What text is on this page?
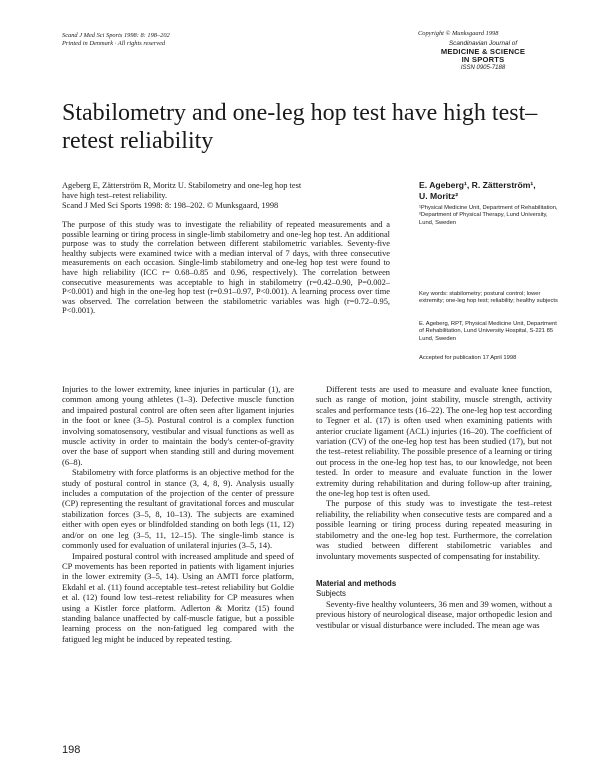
Scand J Med Sci Sports 1998: 8: 198–202
Printed in Denmark · All rights reserved
Copyright © Munksgaard 1998
Scandinavian Journal of
MEDICINE & SCIENCE
IN SPORTS
ISSN 0905-7188
Stabilometry and one-leg hop test have high test–retest reliability
Ageberg E, Zätterström R, Moritz U. Stabilometry and one-leg hop test
have high test–retest reliability.
Scand J Med Sci Sports 1998: 8: 198–202. © Munksgaard, 1998
The purpose of this study was to investigate the reliability of repeated measurements and a possible learning or tiring process in single-limb stabilometry and one-leg hop test. An additional purpose was to study the correlation between different stabilometric variables. Seventy-five healthy subjects were examined twice with a median interval of 7 days, with three consecutive measurements on each occasion. Single-limb stabilometry and one-leg hop test were found to have high reliability (ICC r= 0.68–0.85 and 0.96, respectively). The correlation between consecutive measurements was acceptable to high in stabilometry (r=0.42–0.90, P=0.002–P<0.001) and high in the one-leg hop test (r=0.91–0.97, P<0.001). A learning process over time was observed. The correlation between the stabilometric variables was high (r=0.72–0.95, P<0.001).
E. Ageberg¹, R. Zätterström¹,
U. Moritz²
¹Physical Medicine Unit, Department of Rehabilitation, ²Department of Physical Therapy, Lund University, Lund, Sweden
Key words: stabilometry; postural control; lower extremity; one-leg hop test; reliability; healthy subjects
E. Ageberg, RPT, Physical Medicine Unit, Department of Rehabilitation, Lund University Hospital, S-221 85 Lund, Sweden
Accepted for publication 17 April 1998

Injuries to the lower extremity, knee injuries in particular (1), are common among young athletes (1–3). Defective muscle function and impaired postural control are often seen after ligament injuries in the foot or knee (3–5). Postural control is a complex function involving somatosensory, vestibular and visual functions as well as muscle activity in order to maintain the body's center-of-gravity over the base of support when standing still and during movement (6–8).

Stabilometry with force platforms is an objective method for the study of postural control in stance (3, 4, 8, 9). Analysis usually includes a computation of the projection of the center of pressure (CP) representing the resultant of gravitational forces and muscular stabilization forces (3–5, 8, 10–13). The subjects are examined either with open eyes or blindfolded standing on both legs (11, 12) and/or on one leg (3–5, 11, 12–15). The single-limb stance is commonly used for evaluation of unilateral injuries (3–5, 14).

Impaired postural control with increased amplitude and speed of CP movements has been reported in patients with ligament injuries in the lower extremity (3–5, 14). Using an AMTI force platform, Ekdahl et al. (11) found acceptable test–retest reliability but Goldie et al. (12) found low test–retest reliability for CP measures when using a Kistler force platform. Adlerton & Moritz (15) found standing balance unaffected by calf-muscle fatigue, but a possible learning process on the non-fatigued leg compared with the fatigued leg might be induced by repeated testing.

Different tests are used to measure and evaluate knee function, such as range of motion, joint stability, muscle strength, activity scales and performance tests (16–22). The one-leg hop test according to Tegner et al. (17) is often used when examining patients with anterior cruciate ligament (ACL) injuries (16–20). The coefficient of variation (CV) of the one-leg hop test has been studied (17), but not the test–retest reliability. The possible presence of a learning or tiring out process in the one-leg hop test has, to our knowledge, not been tested. In order to measure and evaluate function in the lower extremity during rehabilitation and during follow-up after training, the one-leg hop test is often used.

The purpose of this study was to investigate the test–retest reliability, the reliability when consecutive tests are compared and a possible learning or tiring process during repeated measuring in stabilometry and the one-leg hop test. Furthermore, the correlation was studied between different stabilometric variables and involuntary movements suspected of compensating for instability.

Material and methods
Subjects

Seventy-five healthy volunteers, 36 men and 39 women, without a previous history of neurological disease, major orthopedic lesion and vestibular or visual disturbance were included. The mean age was

198
